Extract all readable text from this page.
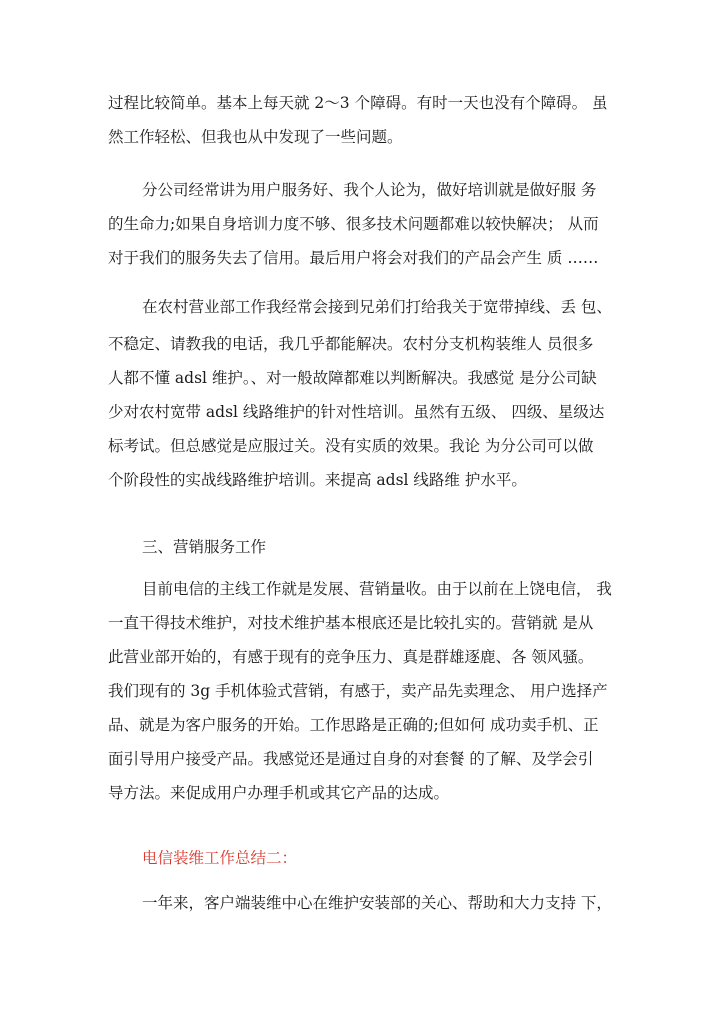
过程比较简单。基本上每天就 2～3 个障碍。有时一天也没有个障碍。 虽
然工作轻松、但我也从中发现了一些问题。
分公司经常讲为用户服务好、我个人论为，做好培训就是做好服 务
的生命力;如果自身培训力度不够、很多技术问题都难以较快解决； 从而
对于我们的服务失去了信用。最后用户将会对我们的产品会产生 质 ……
在农村营业部工作我经常会接到兄弟们打给我关于宽带掉线、丢 包、
不稳定、请教我的电话，我几乎都能解决。农村分支机构装维人 员很多
人都不懂 adsl 维护。、对一般故障都难以判断解决。我感觉 是分公司缺
少对农村宽带 adsl 线路维护的针对性培训。虽然有五级、 四级、星级达
标考试。但总感觉是应服过关。没有实质的效果。我论 为分公司可以做
个阶段性的实战线路维护培训。来提高 adsl 线路维 护水平。
三、营销服务工作
目前电信的主线工作就是发展、营销量收。由于以前在上饶电信， 我
一直干得技术维护，对技术维护基本根底还是比较扎实的。营销就 是从
此营业部开始的，有感于现有的竞争压力、真是群雄逐鹿、各 领风骚。
我们现有的 3g 手机体验式营销，有感于，卖产品先卖理念、 用户选择产
品、就是为客户服务的开始。工作思路是正确的;但如何 成功卖手机、正
面引导用户接受产品。我感觉还是通过自身的对套餐 的了解、及学会引
导方法。来促成用户办理手机或其它产品的达成。
电信装维工作总结二：
一年来，客户端装维中心在维护安装部的关心、帮助和大力支持 下，
